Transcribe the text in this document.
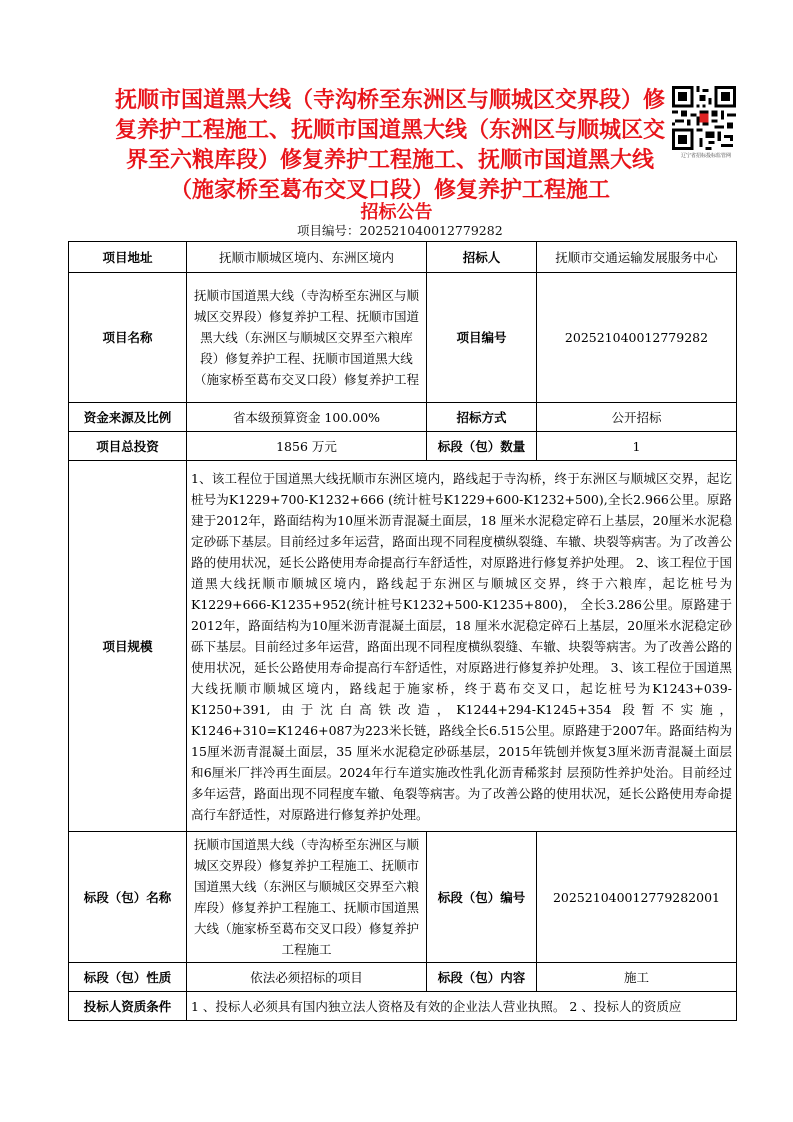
抚顺市国道黑大线（寺沟桥至东洲区与顺城区交界段）修复养护工程施工、抚顺市国道黑大线（东洲区与顺城区交界至六粮库段）修复养护工程施工、抚顺市国道黑大线（施家桥至葛布交叉口段）修复养护工程施工
辽宁省招标投标监管网
招标公告
项目编号：202521040012779282
项目地址	抚顺市顺城区境内、东洲区境内	招标人	抚顺市交通运输发展服务中心
项目名称	抚顺市国道黑大线（寺沟桥至东洲区与顺城区交界段）修复养护工程、抚顺市国道黑大线（东洲区与顺城区交界至六粮库段）修复养护工程、抚顺市国道黑大线（施家桥至葛布交叉口段）修复养护工程	项目编号	202521040012779282
资金来源及比例	省本级预算资金 100.00%	招标方式	公开招标
项目总投资	1856 万元	标段（包）数量	1
项目规模	1、该工程位于国道黑大线抚顺市东洲区境内，路线起于寺沟桥，终于东洲区与顺城区交界，起讫桩号为K1229+700-K1232+666 (统计桩号K1229+600-K1232+500),全长2.966公里。原路建于2012年，路面结构为10厘米沥青混凝土面层，18 厘米水泥稳定碎石上基层，20厘米水泥稳定砂砾下基层。目前经过多年运营，路面出现不同程度横纵裂缝、车辙、块裂等病害。为了改善公路的使用状况，延长公路使用寿命提高行车舒适性，对原路进行修复养护处理。 2、该工程位于国道黑大线抚顺市顺城区境内，路线起于东洲区与顺城区交界，终于六粮库，起讫桩号为K1229+666-K1235+952(统计桩号K1232+500-K1235+800)， 全长3.286公里。原路建于2012年，路面结构为10厘米沥青混凝土面层，18 厘米水泥稳定碎石上基层，20厘米水泥稳定砂砾下基层。目前经过多年运营，路面出现不同程度横纵裂缝、车辙、块裂等病害。为了改善公路的使用状况，延长公路使用寿命提高行车舒适性，对原路进行修复养护处理。 3、该工程位于国道黑大线抚顺市顺城区境内，路线起于施家桥，终于葛布交叉口，起讫桩号为K1243+039-K1250+391, 由于沈白高铁改造，K1244+294-K1245+354 段暂不实施，K1246+310=K1246+087为223米长链，路线全长6.515公里。原路建于2007年。路面结构为15厘米沥青混凝土面层，35 厘米水泥稳定砂砾基层，2015年铣刨并恢复3厘米沥青混凝土面层 和6厘米厂拌冷再生面层。2024年行车道实施改性乳化沥青稀浆封 层预防性养护处治。目前经过多年运营，路面出现不同程度车辙、龟裂等病害。为了改善公路的使用状况，延长公路使用寿命提高行车舒适性，对原路进行修复养护处理。		
标段（包）名称	抚顺市国道黑大线（寺沟桥至东洲区与顺城区交界段）修复养护工程施工、抚顺市国道黑大线（东洲区与顺城区交界至六粮库段）修复养护工程施工、抚顺市国道黑大线（施家桥至葛布交叉口段）修复养护工程施工	标段（包）编号	202521040012779282001
标段（包）性质	依法必须招标的项目	标段（包）内容	施工
投标人资质条件	1 、投标人必须具有国内独立法人资格及有效的企业法人营业执照。 2 、投标人的资质应		
